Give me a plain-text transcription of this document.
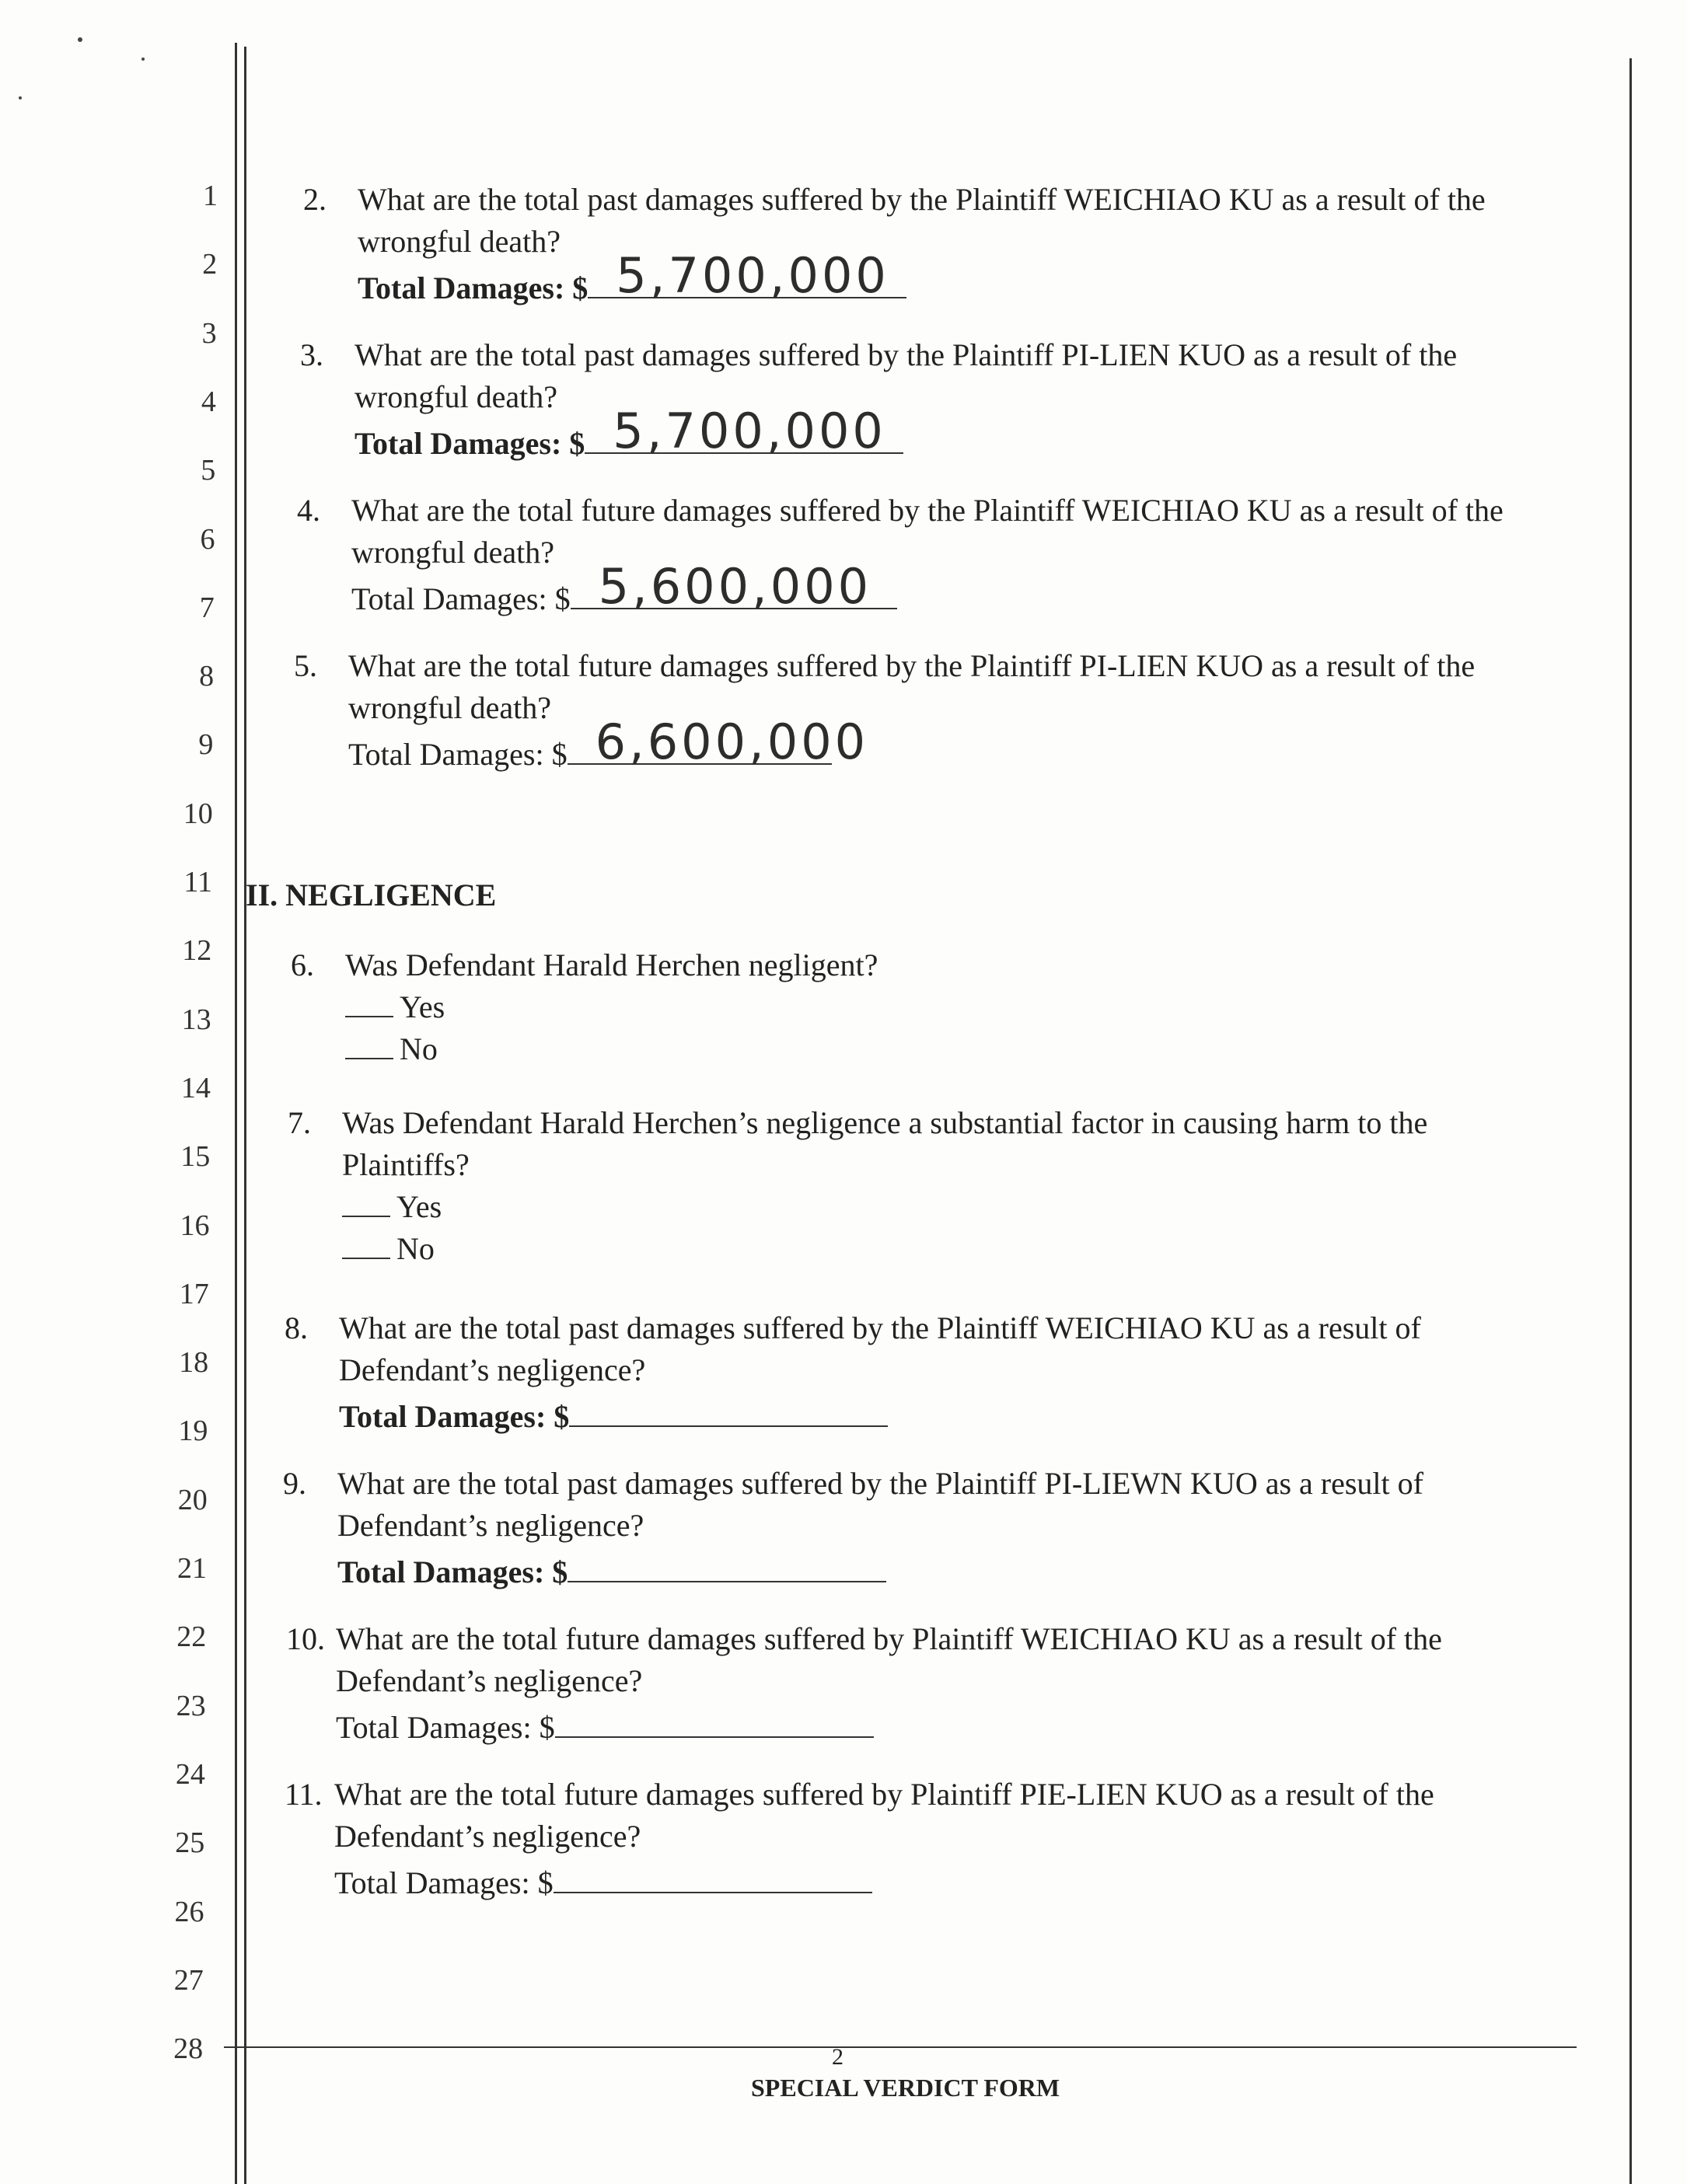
1
2
3
4
5
6
7
8
9
10
11
12
13
14
15
16
17
18
19
20
21
22
23
24
25
26
27
28
2. What are the total past damages suffered by the Plaintiff WEICHIAO KU as a result of the
wrongful death?
Total Damages: $ 5,700,000
3. What are the total past damages suffered by the Plaintiff PI-LIEN KUO as a result of the
wrongful death?
Total Damages: $ 5,700,000
4. What are the total future damages suffered by the Plaintiff WEICHIAO KU as a result of the
wrongful death?
Total Damages: $ 5,600,000
5. What are the total future damages suffered by the Plaintiff PI-LIEN KUO as a result of the
wrongful death?
Total Damages: $ 6,600,000
II. NEGLIGENCE
6. Was Defendant Harald Herchen negligent?
Yes
No
7. Was Defendant Harald Herchen’s negligence a substantial factor in causing harm to the
Plaintiffs?
Yes
No
8. What are the total past damages suffered by the Plaintiff WEICHIAO KU as a result of
Defendant’s negligence?
Total Damages: $
9. What are the total past damages suffered by the Plaintiff PI-LIEWN KUO as a result of
Defendant’s negligence?
Total Damages: $
10. What are the total future damages suffered by Plaintiff WEICHIAO KU as a result of the
Defendant’s negligence?
Total Damages: $
11. What are the total future damages suffered by Plaintiff PIE-LIEN KUO as a result of the
Defendant’s negligence?
Total Damages: $
2
SPECIAL VERDICT FORM
